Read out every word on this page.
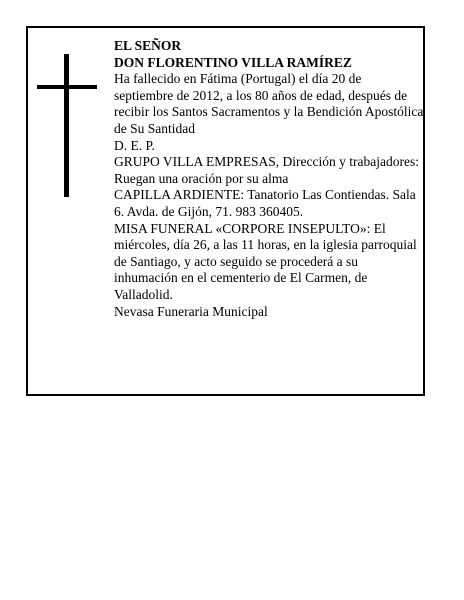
EL SEÑOR

DON FLORENTINO VILLA RAMÍREZ

Ha fallecido en Fátima (Portugal) el día 20 de septiembre de 2012, a los 80 años de edad, después de recibir los Santos Sacramentos y la Bendición Apostólica de Su Santidad

D. E. P.

GRUPO VILLA EMPRESAS, Dirección y trabajadores:

Ruegan una oración por su alma

CAPILLA ARDIENTE: Tanatorio Las Contiendas. Sala 6. Avda. de Gijón, 71. 983 360405.

MISA FUNERAL «CORPORE INSEPULTO»: El miércoles, día 26, a las 11 horas, en la iglesia parroquial de Santiago, y acto seguido se procederá a su inhumación en el cementerio de El Carmen, de Valladolid.

Nevasa Funeraria Municipal
